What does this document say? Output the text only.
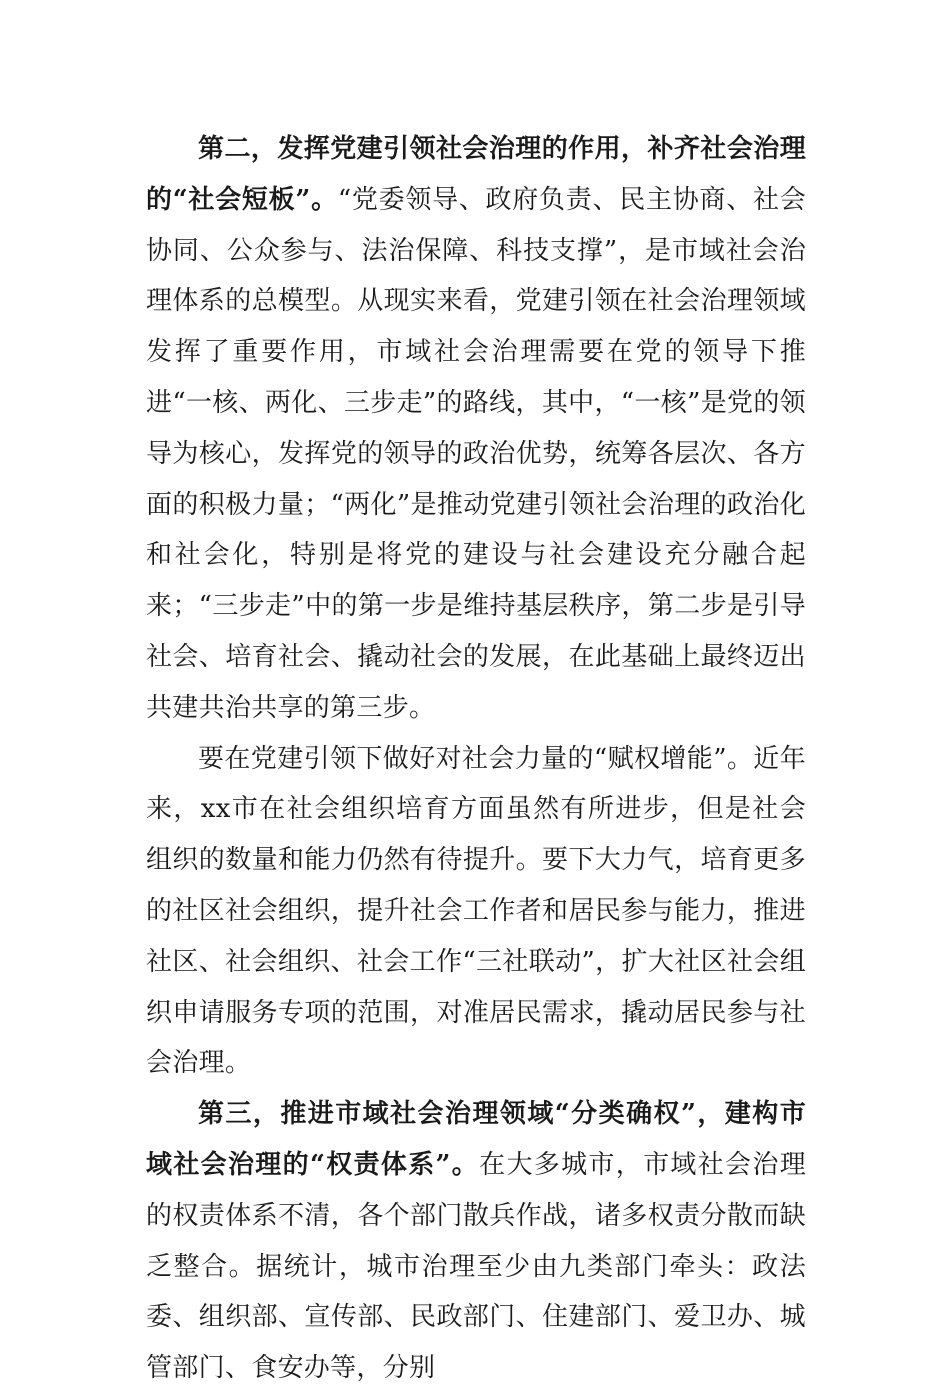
第二，发挥党建引领社会治理的作用，补齐社会治理的“社会短板”。“党委领导、政府负责、民主协商、社会协同、公众参与、法治保障、科技支撑”，是市域社会治理体系的总模型。从现实来看，党建引领在社会治理领域发挥了重要作用，市域社会治理需要在党的领导下推进“一核、两化、三步走”的路线，其中，“一核”是党的领导为核心，发挥党的领导的政治优势，统筹各层次、各方面的积极力量；“两化”是推动党建引领社会治理的政治化和社会化，特别是将党的建设与社会建设充分融合起来；“三步走”中的第一步是维持基层秩序，第二步是引导社会、培育社会、撬动社会的发展，在此基础上最终迈出共建共治共享的第三步。

要在党建引领下做好对社会力量的“赋权增能”。近年来，xx市在社会组织培育方面虽然有所进步，但是社会组织的数量和能力仍然有待提升。要下大力气，培育更多的社区社会组织，提升社会工作者和居民参与能力，推进社区、社会组织、社会工作“三社联动”，扩大社区社会组织申请服务专项的范围，对准居民需求，撬动居民参与社会治理。

第三，推进市域社会治理领域“分类确权”，建构市域社会治理的“权责体系”。在大多城市，市域社会治理的权责体系不清，各个部门散兵作战，诸多权责分散而缺乏整合。据统计，城市治理至少由九类部门牵头：政法委、组织部、宣传部、民政部门、住建部门、爱卫办、城管部门、食安办等，分别
